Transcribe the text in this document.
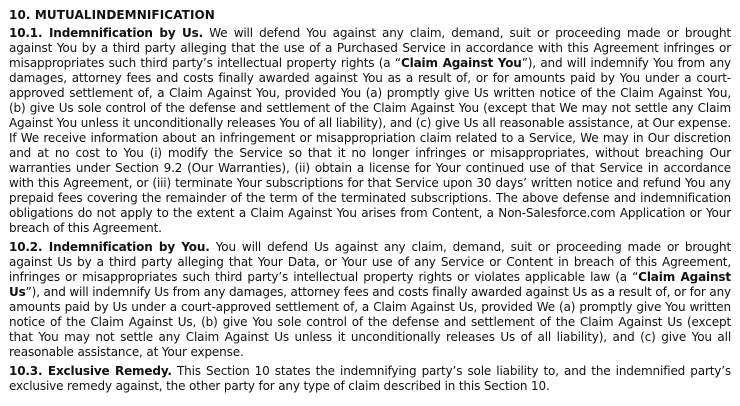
10. MUTUALINDEMNIFICATION

10.1. Indemnification by Us. We will defend You against any claim, demand, suit or proceeding made or brought against You by a third party alleging that the use of a Purchased Service in accordance with this Agreement infringes or misappropriates such third party’s intellectual property rights (a “Claim Against You”), and will indemnify You from any damages, attorney fees and costs finally awarded against You as a result of, or for amounts paid by You under a court-approved settlement of, a Claim Against You, provided You (a) promptly give Us written notice of the Claim Against You, (b) give Us sole control of the defense and settlement of the Claim Against You (except that We may not settle any Claim Against You unless it unconditionally releases You of all liability), and (c) give Us all reasonable assistance, at Our expense. If We receive information about an infringement or misappropriation claim related to a Service, We may in Our discretion and at no cost to You (i) modify the Service so that it no longer infringes or misappropriates, without breaching Our warranties under Section 9.2 (Our Warranties), (ii) obtain a license for Your continued use of that Service in accordance with this Agreement, or (iii) terminate Your subscriptions for that Service upon 30 days’ written notice and refund You any prepaid fees covering the remainder of the term of the terminated subscriptions. The above defense and indemnification obligations do not apply to the extent a Claim Against You arises from Content, a Non-Salesforce.com Application or Your breach of this Agreement.

10.2. Indemnification by You. You will defend Us against any claim, demand, suit or proceeding made or brought against Us by a third party alleging that Your Data, or Your use of any Service or Content in breach of this Agreement, infringes or misappropriates such third party’s intellectual property rights or violates applicable law (a “Claim Against Us”), and will indemnify Us from any damages, attorney fees and costs finally awarded against Us as a result of, or for any amounts paid by Us under a court-approved settlement of, a Claim Against Us, provided We (a) promptly give You written notice of the Claim Against Us, (b) give You sole control of the defense and settlement of the Claim Against Us (except that You may not settle any Claim Against Us unless it unconditionally releases Us of all liability), and (c) give You all reasonable assistance, at Your expense.

10.3. Exclusive Remedy. This Section 10 states the indemnifying party’s sole liability to, and the indemnified party’s exclusive remedy against, the other party for any type of claim described in this Section 10.
